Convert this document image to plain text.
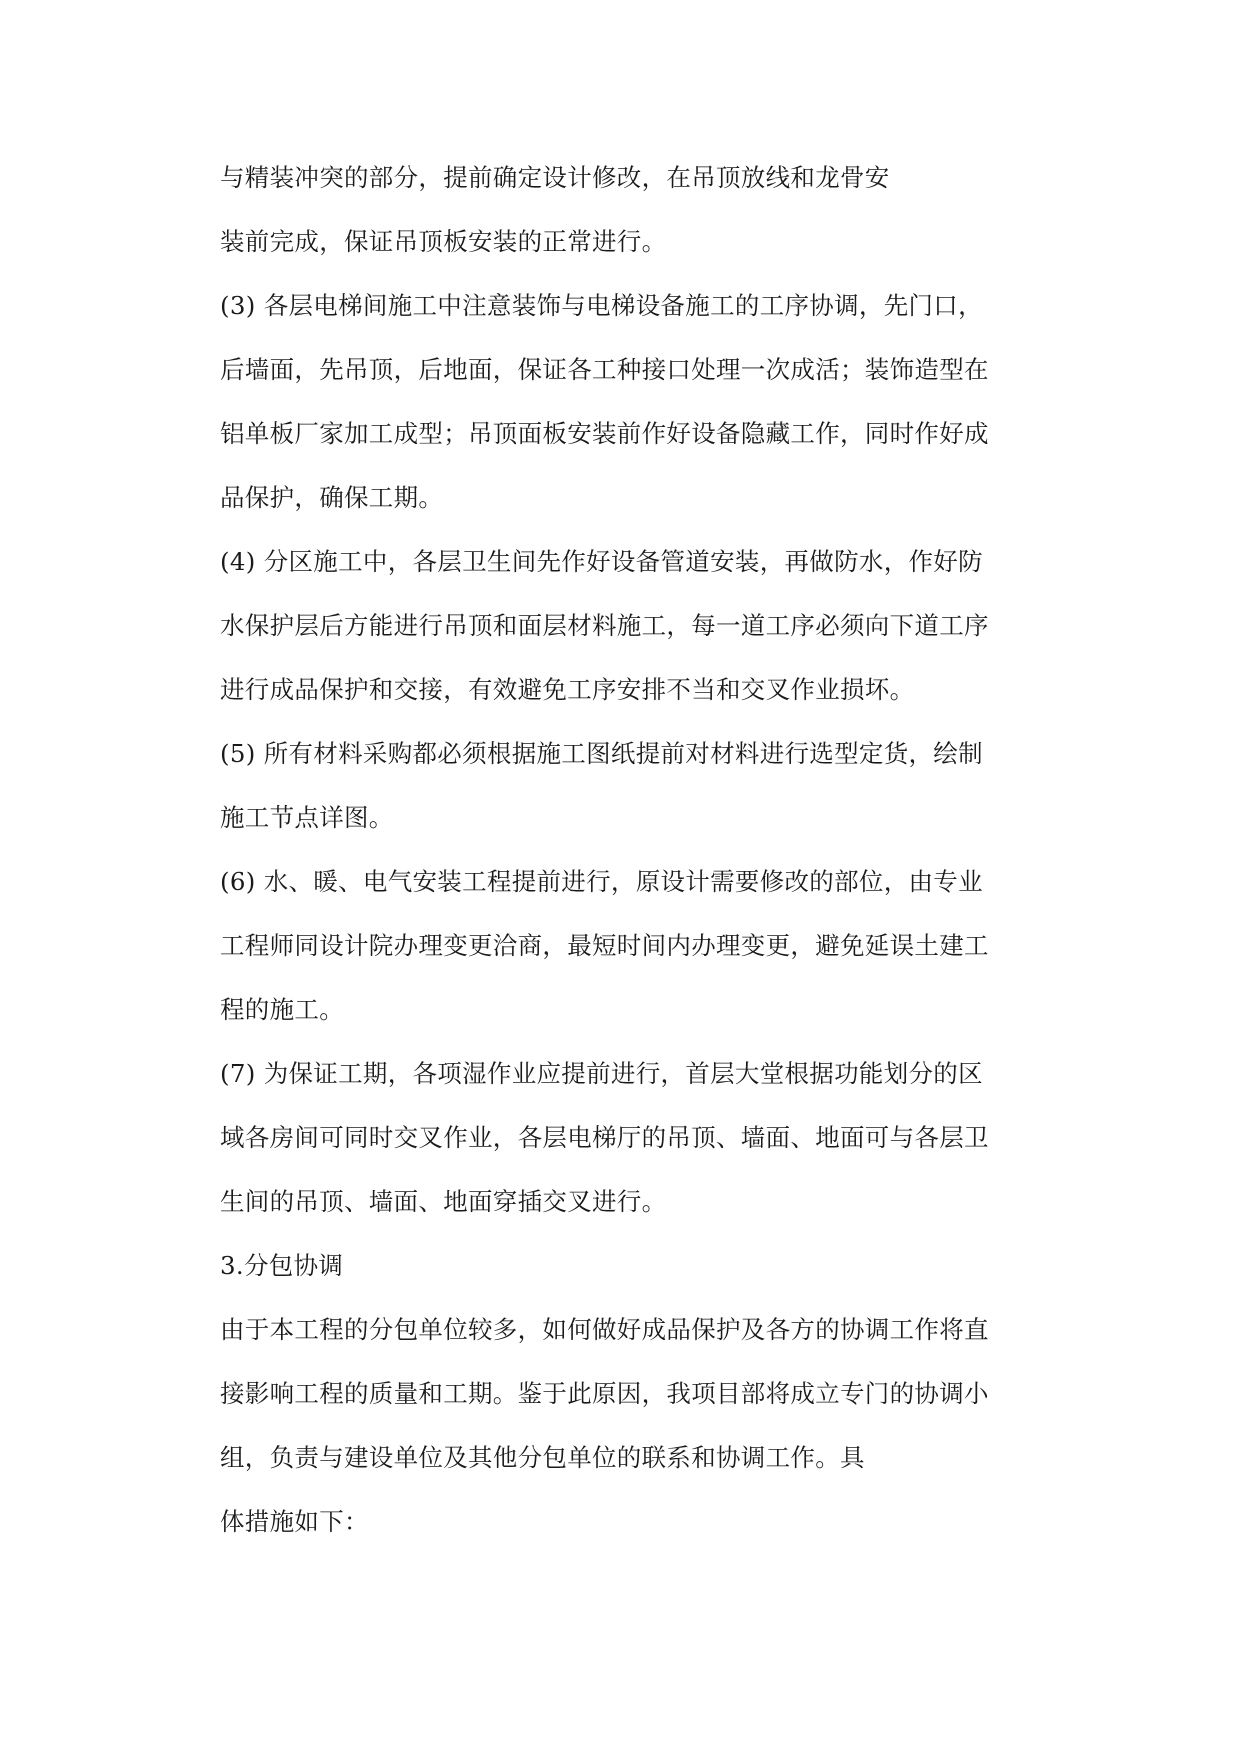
与精装冲突的部分，提前确定设计修改，在吊顶放线和龙骨安

装前完成，保证吊顶板安装的正常进行。

(3) 各层电梯间施工中注意装饰与电梯设备施工的工序协调，先门口，

后墙面，先吊顶，后地面，保证各工种接口处理一次成活；装饰造型在

铝单板厂家加工成型；吊顶面板安装前作好设备隐藏工作，同时作好成

品保护，确保工期。

(4) 分区施工中，各层卫生间先作好设备管道安装，再做防水，作好防

水保护层后方能进行吊顶和面层材料施工，每一道工序必须向下道工序

进行成品保护和交接，有效避免工序安排不当和交叉作业损坏。

(5) 所有材料采购都必须根据施工图纸提前对材料进行选型定货，绘制

施工节点详图。

(6) 水、暖、电气安装工程提前进行，原设计需要修改的部位，由专业

工程师同设计院办理变更洽商，最短时间内办理变更，避免延误土建工

程的施工。

(7) 为保证工期，各项湿作业应提前进行，首层大堂根据功能划分的区

域各房间可同时交叉作业，各层电梯厅的吊顶、墙面、地面可与各层卫

生间的吊顶、墙面、地面穿插交叉进行。

3.分包协调

由于本工程的分包单位较多，如何做好成品保护及各方的协调工作将直

接影响工程的质量和工期。鉴于此原因，我项目部将成立专门的协调小

组，负责与建设单位及其他分包单位的联系和协调工作。具

体措施如下：
